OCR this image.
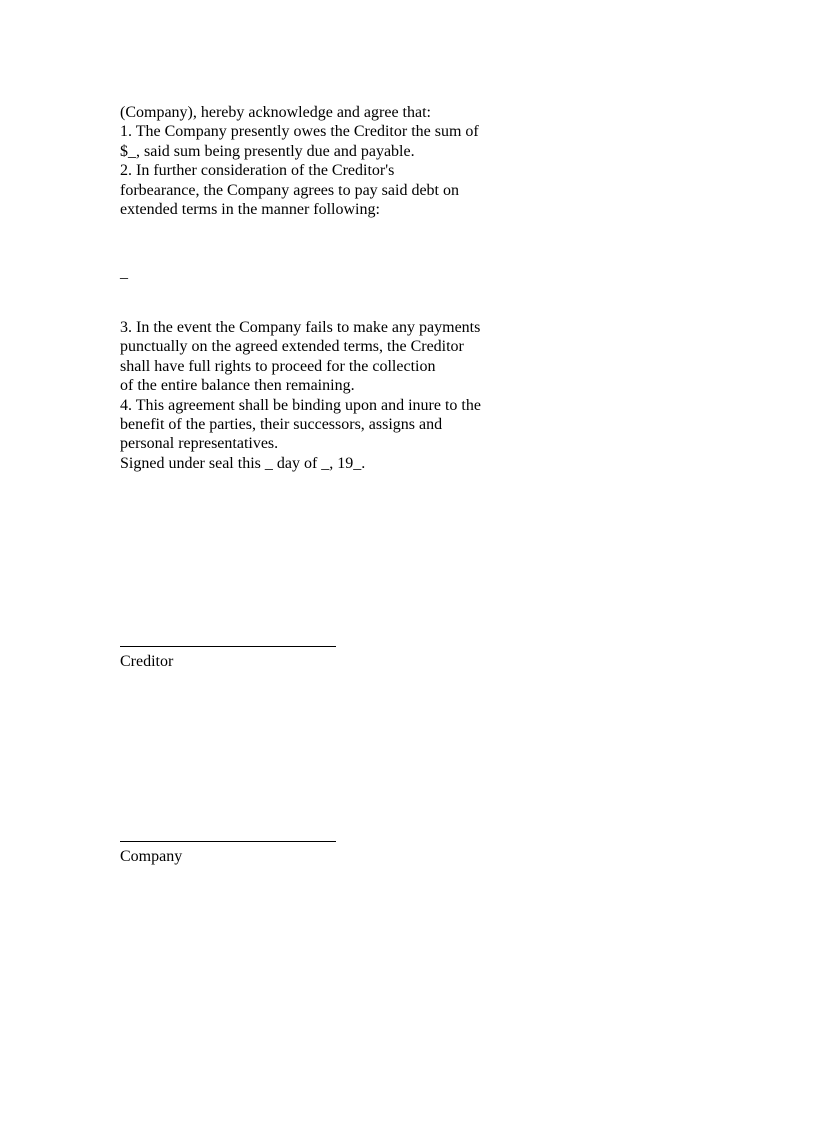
(Company), hereby acknowledge and agree that:
1. The Company presently owes the Creditor the sum of
$_, said sum being presently due and payable.
2. In further consideration of the Creditor's
forbearance, the Company agrees to pay said debt on
extended terms in the manner following:
_
3. In the event the Company fails to make any payments
punctually on the agreed extended terms, the Creditor
shall have full rights to proceed for the collection
of the entire balance then remaining.
4. This agreement shall be binding upon and inure to the
benefit of the parties, their successors, assigns and
personal representatives.
Signed under seal this _ day of _, 19_.
Creditor
Company
